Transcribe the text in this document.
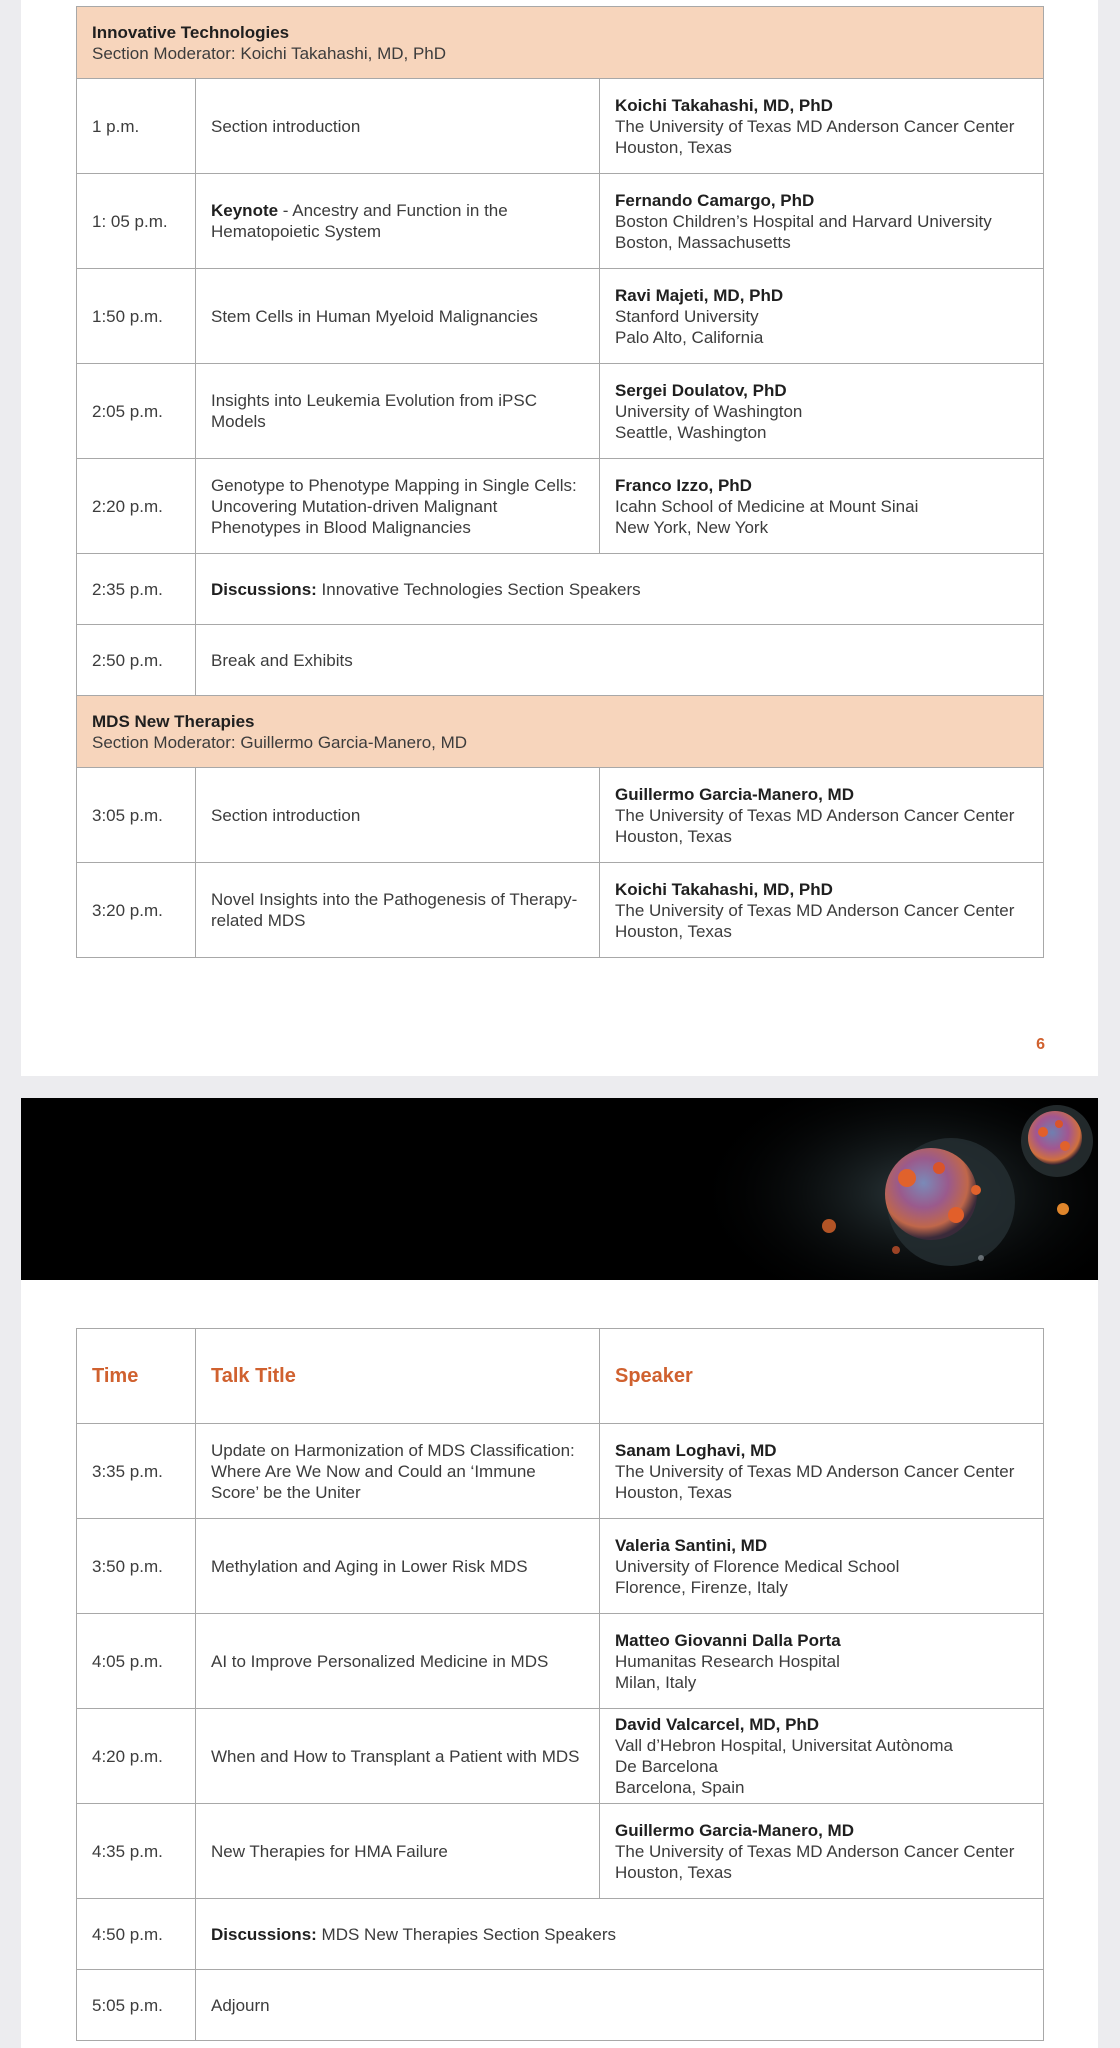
Innovative Technologies
Section Moderator: Koichi Takahashi, MD, PhD		

1 p.m.	Section introduction	Koichi Takahashi, MD, PhD
The University of Texas MD Anderson Cancer Center
Houston, Texas

1: 05 p.m.	Keynote - Ancestry and Function in the Hematopoietic System	Fernando Camargo, PhD
Boston Children’s Hospital and Harvard University
Boston, Massachusetts

1:50 p.m.	Stem Cells in Human Myeloid Malignancies	Ravi Majeti, MD, PhD
Stanford University
Palo Alto, California

2:05 p.m.	Insights into Leukemia Evolution from iPSC Models	Sergei Doulatov, PhD
University of Washington
Seattle, Washington

2:20 p.m.	Genotype to Phenotype Mapping in Single Cells: Uncovering Mutation-driven Malignant Phenotypes in Blood Malignancies	Franco Izzo, PhD
Icahn School of Medicine at Mount Sinai
New York, New York

2:35 p.m.	Discussions: Innovative Technologies Section Speakers	
2:50 p.m.	Break and Exhibits	

MDS New Therapies
Section Moderator: Guillermo Garcia-Manero, MD		

3:05 p.m.	Section introduction	Guillermo Garcia-Manero, MD
The University of Texas MD Anderson Cancer Center
Houston, Texas

3:20 p.m.	Novel Insights into the Pathogenesis of Therapy-related MDS	Koichi Takahashi, MD, PhD
The University of Texas MD Anderson Cancer Center
Houston, Texas
6
Time	Talk Title	Speaker
3:35 p.m.	Update on Harmonization of MDS Classification: Where Are We Now and Could an ‘Immune Score’ be the Uniter	Sanam Loghavi, MD
The University of Texas MD Anderson Cancer Center
Houston, Texas

3:50 p.m.	Methylation and Aging in Lower Risk MDS	Valeria Santini, MD
University of Florence Medical School
Florence, Firenze, Italy

4:05 p.m.	AI to Improve Personalized Medicine in MDS	Matteo Giovanni Dalla Porta
Humanitas Research Hospital
Milan, Italy

4:20 p.m.	When and How to Transplant a Patient with MDS	David Valcarcel, MD, PhD
Vall d’Hebron Hospital, Universitat Autònoma
De Barcelona
Barcelona, Spain

4:35 p.m.	New Therapies for HMA Failure	Guillermo Garcia-Manero, MD
The University of Texas MD Anderson Cancer Center
Houston, Texas

4:50 p.m.	Discussions: MDS New Therapies Section Speakers	
5:05 p.m.	Adjourn	
